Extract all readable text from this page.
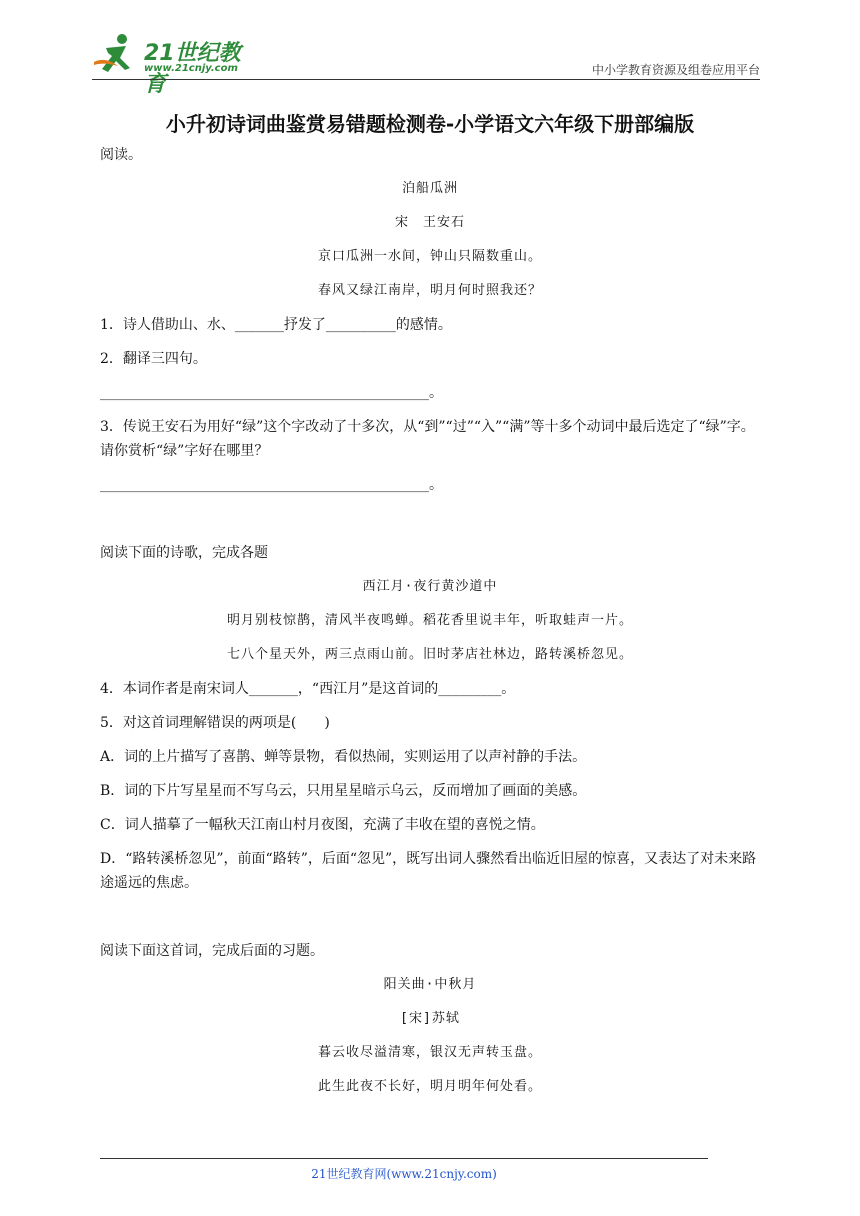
21世纪教育
www.21cnjy.com	中小学教育资源及组卷应用平台
小升初诗词曲鉴赏易错题检测卷-小学语文六年级下册部编版

阅读。

泊船瓜洲

宋　王安石

京口瓜洲一水间，钟山只隔数重山。

春风又绿江南岸，明月何时照我还？

1．诗人借助山、水、_______抒发了__________的感情。

2．翻译三四句。

_______________________________________________。

3．传说王安石为用好“绿”这个字改动了十多次，从“到”“过”“入”“满”等十多个动词中最后选定了“绿”字。请你赏析“绿”字好在哪里？

_______________________________________________。

阅读下面的诗歌，完成各题

西江月·夜行黄沙道中

明月别枝惊鹊，清风半夜鸣蝉。稻花香里说丰年，听取蛙声一片。

七八个星天外，两三点雨山前。旧时茅店社林边，路转溪桥忽见。

4．本词作者是南宋词人_______，“西江月”是这首词的_________。

5．对这首词理解错误的两项是(　　)

A．词的上片描写了喜鹊、蝉等景物，看似热闹，实则运用了以声衬静的手法。

B．词的下片写星星而不写乌云，只用星星暗示乌云，反而增加了画面的美感。

C．词人描摹了一幅秋天江南山村月夜图，充满了丰收在望的喜悦之情。

D．“路转溪桥忽见”，前面“路转”，后面“忽见”，既写出词人骤然看出临近旧屋的惊喜，又表达了对未来路途遥远的焦虑。

阅读下面这首词，完成后面的习题。

阳关曲·中秋月

[宋]苏轼

暮云收尽溢清寒，银汉无声转玉盘。

此生此夜不长好，明月明年何处看。

21世纪教育网(www.21cnjy.com)
